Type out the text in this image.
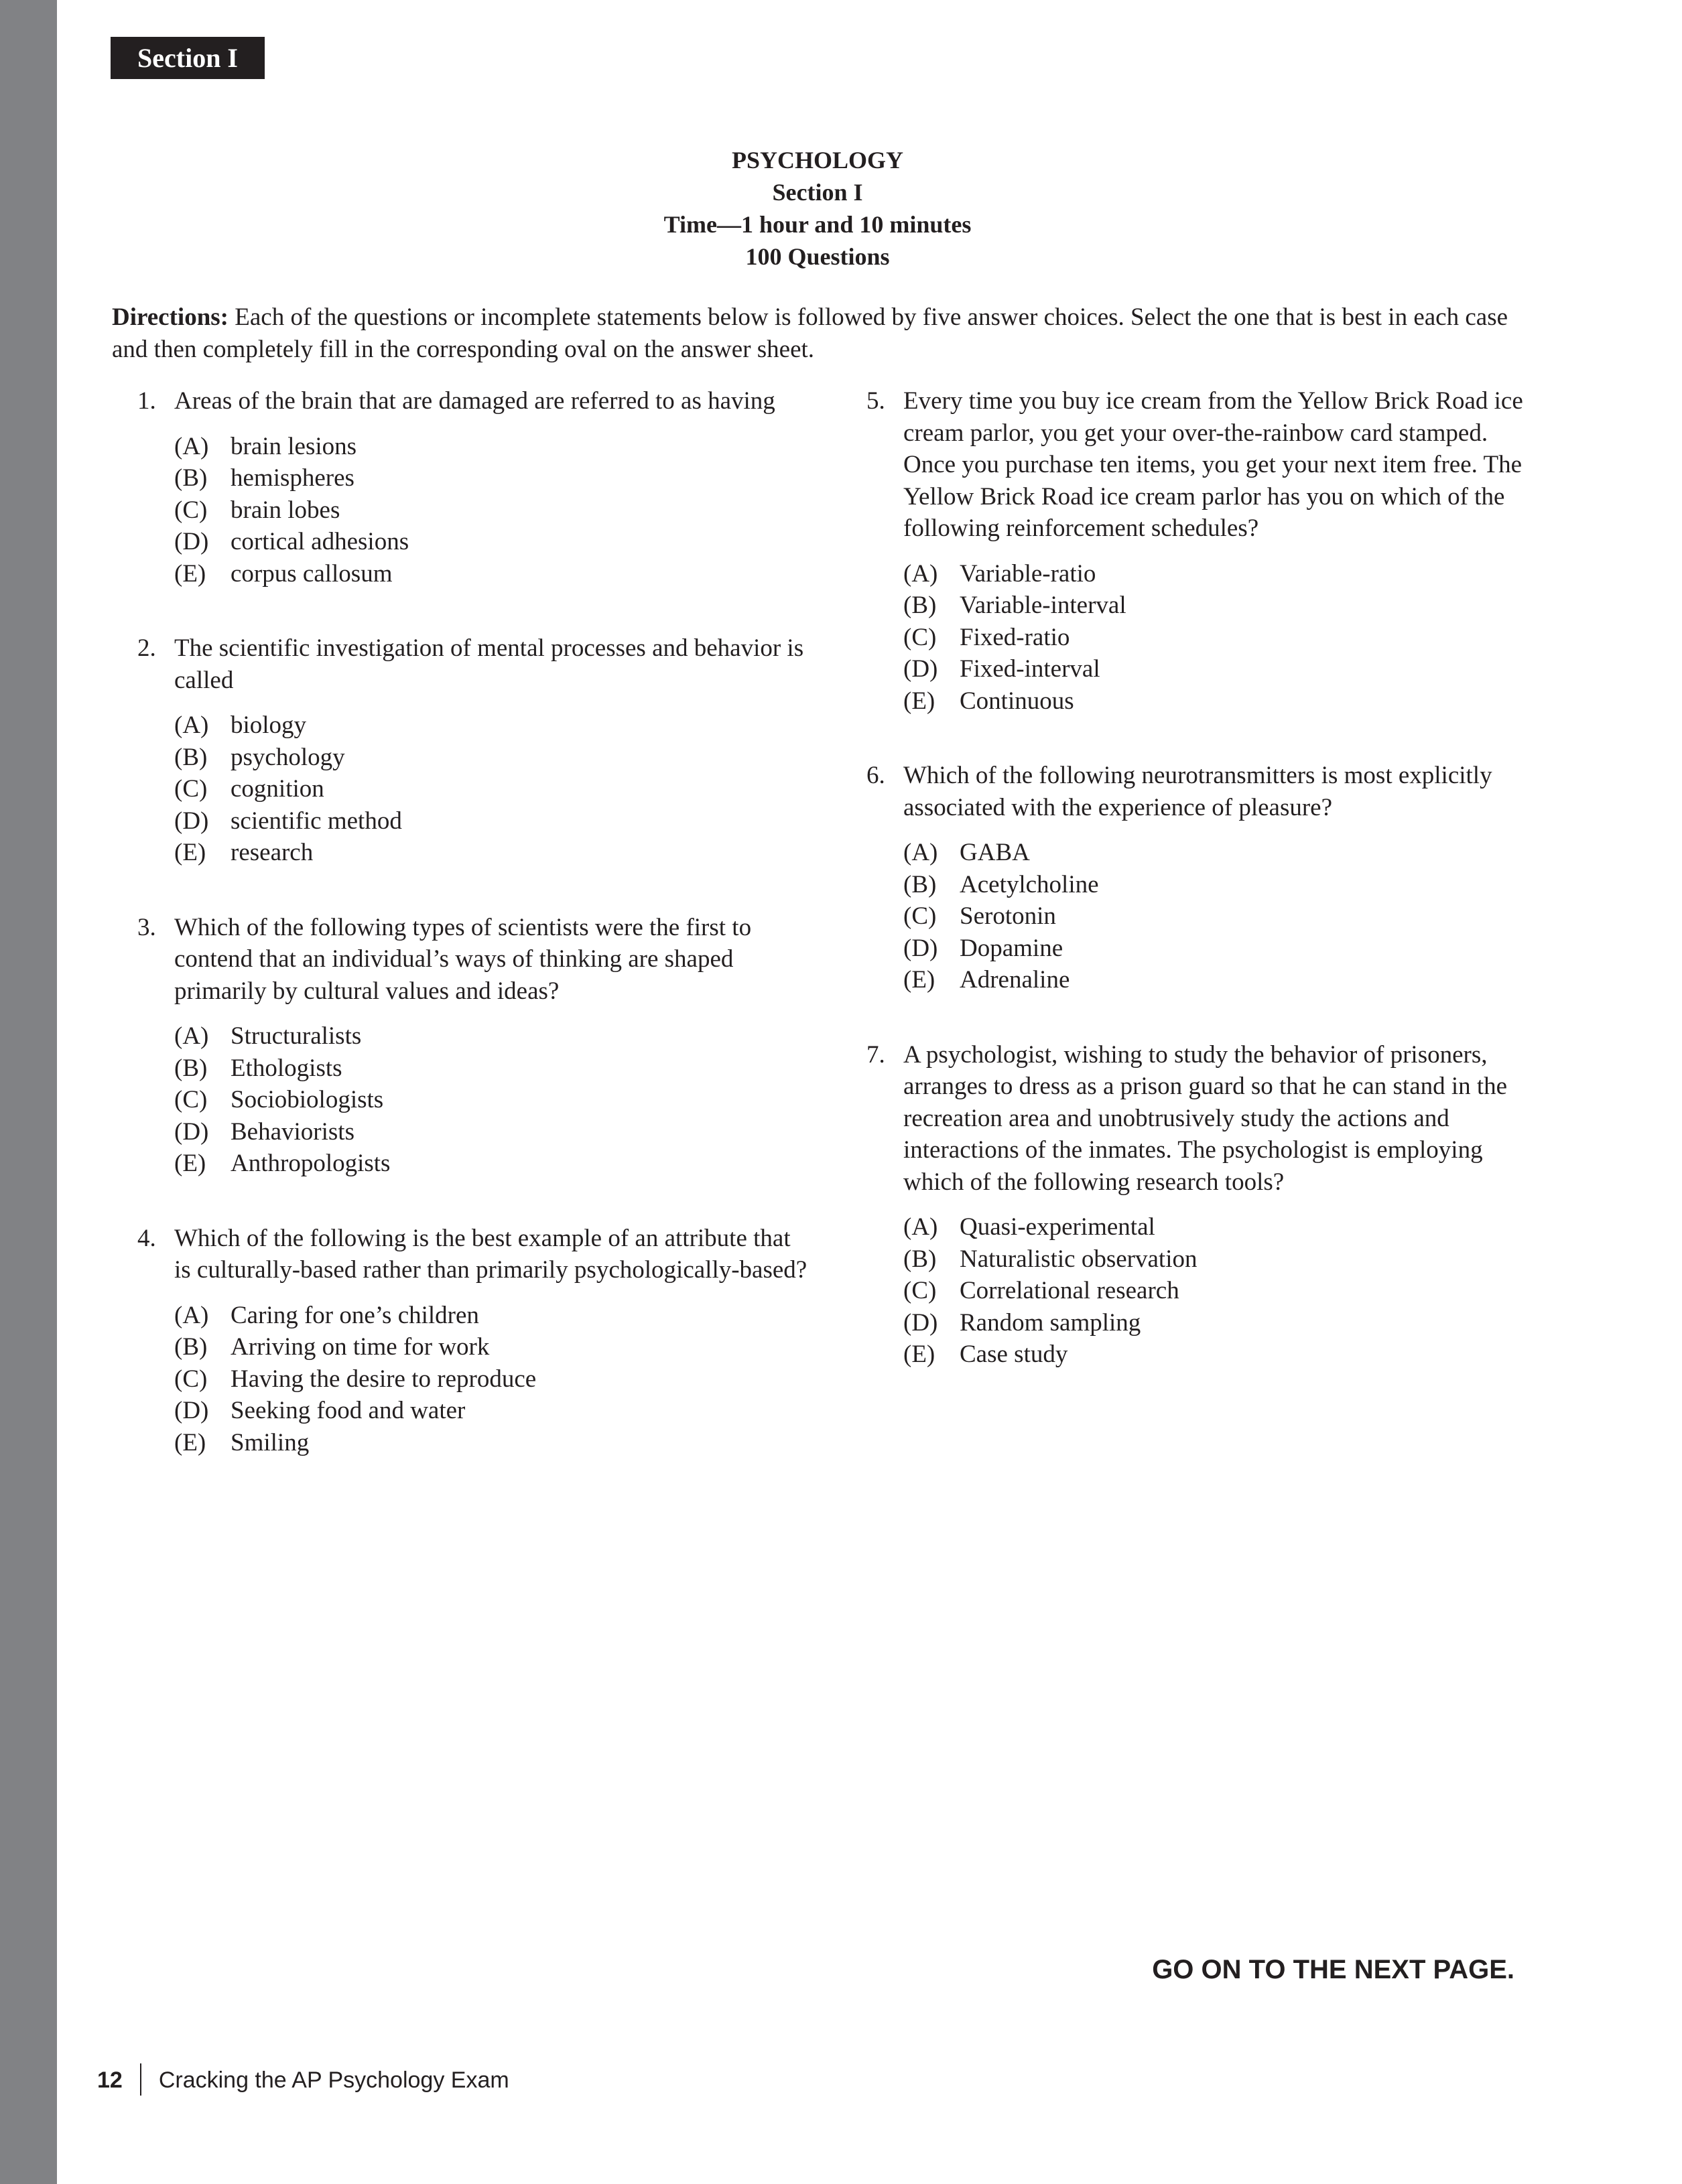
Section I
PSYCHOLOGY
Section I
Time—1 hour and 10 minutes
100 Questions
Directions: Each of the questions or incomplete statements below is followed by five answer choices. Select the one that is best in each case and then completely fill in the corresponding oval on the answer sheet.
1. Areas of the brain that are damaged are referred to as having
(A) brain lesions
(B) hemispheres
(C) brain lobes
(D) cortical adhesions
(E) corpus callosum
2. The scientific investigation of mental processes and behavior is called
(A) biology
(B) psychology
(C) cognition
(D) scientific method
(E) research
3. Which of the following types of scientists were the first to contend that an individual’s ways of thinking are shaped primarily by cultural values and ideas?
(A) Structuralists
(B) Ethologists
(C) Sociobiologists
(D) Behaviorists
(E) Anthropologists
4. Which of the following is the best example of an attribute that is culturally-based rather than primarily psychologically-based?
(A) Caring for one’s children
(B) Arriving on time for work
(C) Having the desire to reproduce
(D) Seeking food and water
(E) Smiling
5. Every time you buy ice cream from the Yellow Brick Road ice cream parlor, you get your over-the-rainbow card stamped. Once you purchase ten items, you get your next item free. The Yellow Brick Road ice cream parlor has you on which of the following reinforcement schedules?
(A) Variable-ratio
(B) Variable-interval
(C) Fixed-ratio
(D) Fixed-interval
(E) Continuous
6. Which of the following neurotransmitters is most explicitly associated with the experience of pleasure?
(A) GABA
(B) Acetylcholine
(C) Serotonin
(D) Dopamine
(E) Adrenaline
7. A psychologist, wishing to study the behavior of prisoners, arranges to dress as a prison guard so that he can stand in the recreation area and unobtrusively study the actions and interactions of the inmates. The psychologist is employing which of the following research tools?
(A) Quasi-experimental
(B) Naturalistic observation
(C) Correlational research
(D) Random sampling
(E) Case study
GO ON TO THE NEXT PAGE.
12 Cracking the AP Psychology Exam
